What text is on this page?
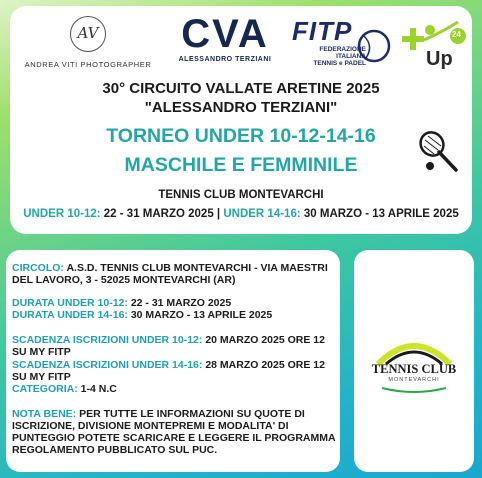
AV
ANDREA VITI PHOTOGRAPHER
CVA
ALESSANDRO TERZIANI
FITP
FEDERAZIONE
ITALIANA
TENNIS e PADEL	Up
24
30° CIRCUITO VALLATE ARETINE 2025
"ALESSANDRO TERZIANI"
TORNEO UNDER 10-12-14-16
MASCHILE E FEMMINILE
TENNIS CLUB MONTEVARCHI
UNDER 10-12: 22 - 31 MARZO 2025 | UNDER 14-16: 30 MARZO - 13 APRILE 2025
CIRCOLO: A.S.D. TENNIS CLUB MONTEVARCHI - VIA MAESTRI DEL LAVORO, 3 - 52025 MONTEVARCHI (AR)
DURATA UNDER 10-12: 22 - 31 MARZO 2025
DURATA UNDER 14-16: 30 MARZO - 13 APRILE 2025
SCADENZA ISCRIZIONI UNDER 10-12: 20 MARZO 2025 ORE 12 SU MY FITP
SCADENZA ISCRIZIONI UNDER 14-16: 28 MARZO 2025 ORE 12 SU MY FITP
CATEGORIA: 1-4 N.C
NOTA BENE: PER TUTTE LE INFORMAZIONI SU QUOTE DI ISCRIZIONE, DIVISIONE MONTEPREMI E MODALITA' DI PUNTEGGIO POTETE SCARICARE E LEGGERE IL PROGRAMMA REGOLAMENTO PUBBLICATO SUL PUC.
TENNIS CLUB
MONTEVARCHI
